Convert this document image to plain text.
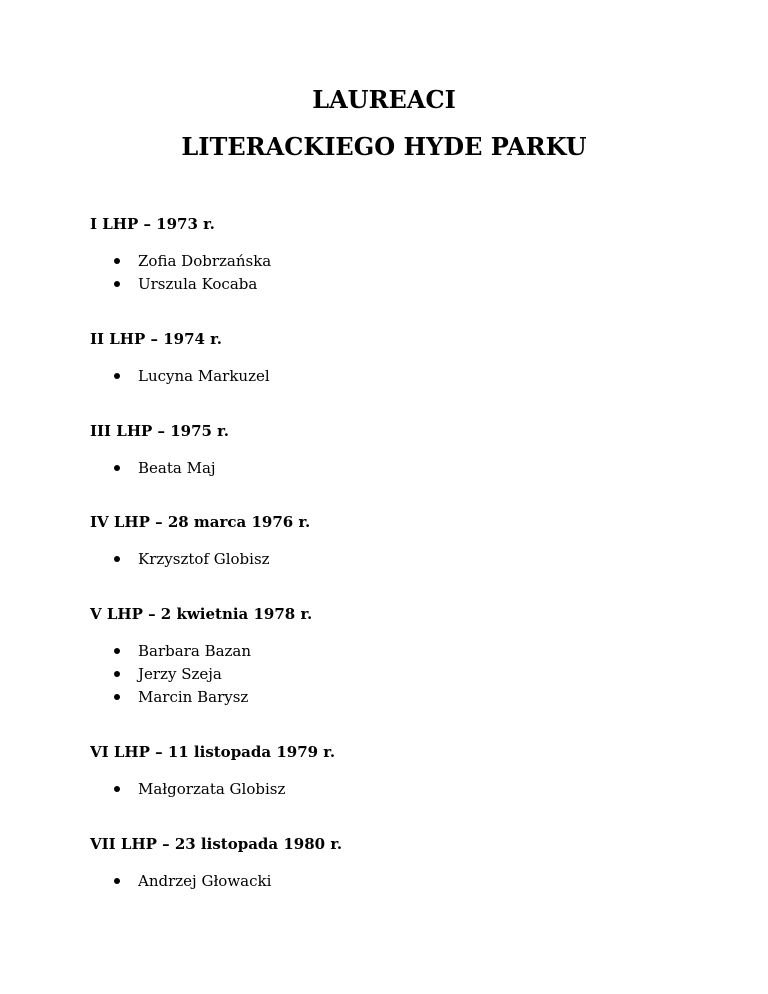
LAUREACI
LITERACKIEGO HYDE PARKU
I LHP – 1973 r.
Zofia Dobrzańska
Urszula Kocaba
II LHP – 1974 r.
Lucyna Markuzel
III LHP – 1975 r.
Beata Maj
IV LHP – 28 marca 1976 r.
Krzysztof Globisz
V LHP – 2 kwietnia 1978 r.
Barbara Bazan
Jerzy Szeja
Marcin Barysz
VI LHP – 11 listopada 1979 r.
Małgorzata Globisz
VII LHP – 23 listopada 1980 r.
Andrzej Głowacki
